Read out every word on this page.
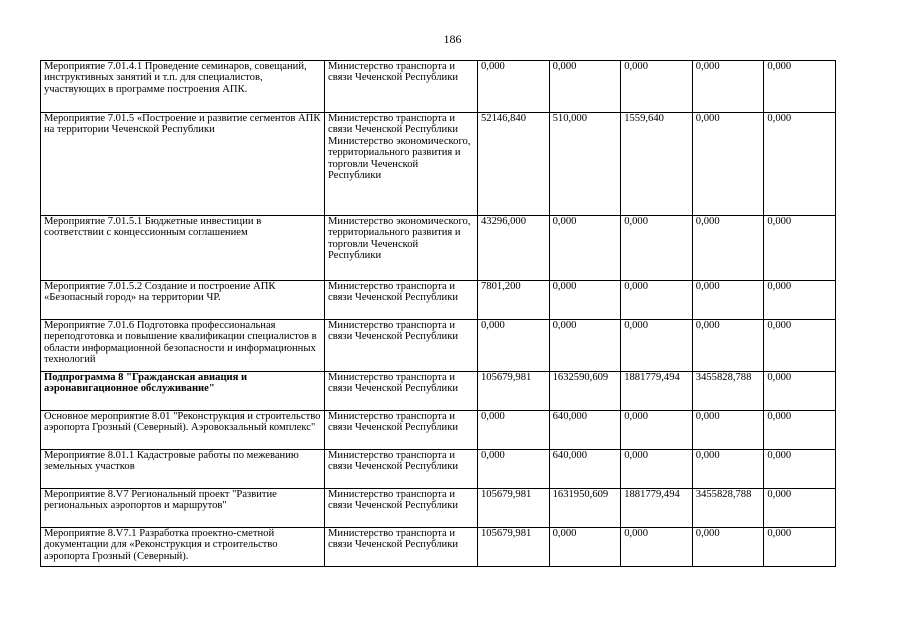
186
Мероприятие 7.01.4.1 Проведение семинаров, совещаний, инструктивных занятий и т.п. для специалистов, участвующих в программе построения АПК.	Министерство транспорта и связи Чеченской Республики	0,000	0,000	0,000	0,000	0,000
Мероприятие 7.01.5 «Построение и развитие сегментов АПК на территории Чеченской Республики	Министерство транспорта и связи Чеченской Республики Министерство экономического, территориального развития и торговли Чеченской Республики	52146,840	510,000	1559,640	0,000	0,000
Мероприятие 7.01.5.1 Бюджетные инвестиции в соответствии с концессионным соглашением	Министерство экономического, территориального развития и торговли Чеченской Республики	43296,000	0,000	0,000	0,000	0,000
Мероприятие 7.01.5.2 Создание и построение АПК «Безопасный город» на территории ЧР.	Министерство транспорта и связи Чеченской Республики	7801,200	0,000	0,000	0,000	0,000
Мероприятие 7.01.6 Подготовка профессиональная переподготовка и повышение квалификации специалистов в области информационной безопасности и информационных технологий	Министерство транспорта и связи Чеченской Республики	0,000	0,000	0,000	0,000	0,000
Подпрограмма 8 "Гражданская авиация и аэронавигационное обслуживание"	Министерство транспорта и связи Чеченской Республики	105679,981	1632590,609	1881779,494	3455828,788	0,000
Основное мероприятие 8.01 "Реконструкция и строительство аэропорта Грозный (Северный). Аэровокзальный комплекс"	Министерство транспорта и связи Чеченской Республики	0,000	640,000	0,000	0,000	0,000
Мероприятие 8.01.1 Кадастровые работы по межеванию земельных участков	Министерство транспорта и связи Чеченской Республики	0,000	640,000	0,000	0,000	0,000
Мероприятие 8.V7 Региональный проект "Развитие региональных аэропортов и маршрутов"	Министерство транспорта и связи Чеченской Республики	105679,981	1631950,609	1881779,494	3455828,788	0,000
Мероприятие 8.V7.1 Разработка проектно-сметной документации для «Реконструкция и строительство аэропорта Грозный (Северный).	Министерство транспорта и связи Чеченской Республики	105679,981	0,000	0,000	0,000	0,000
